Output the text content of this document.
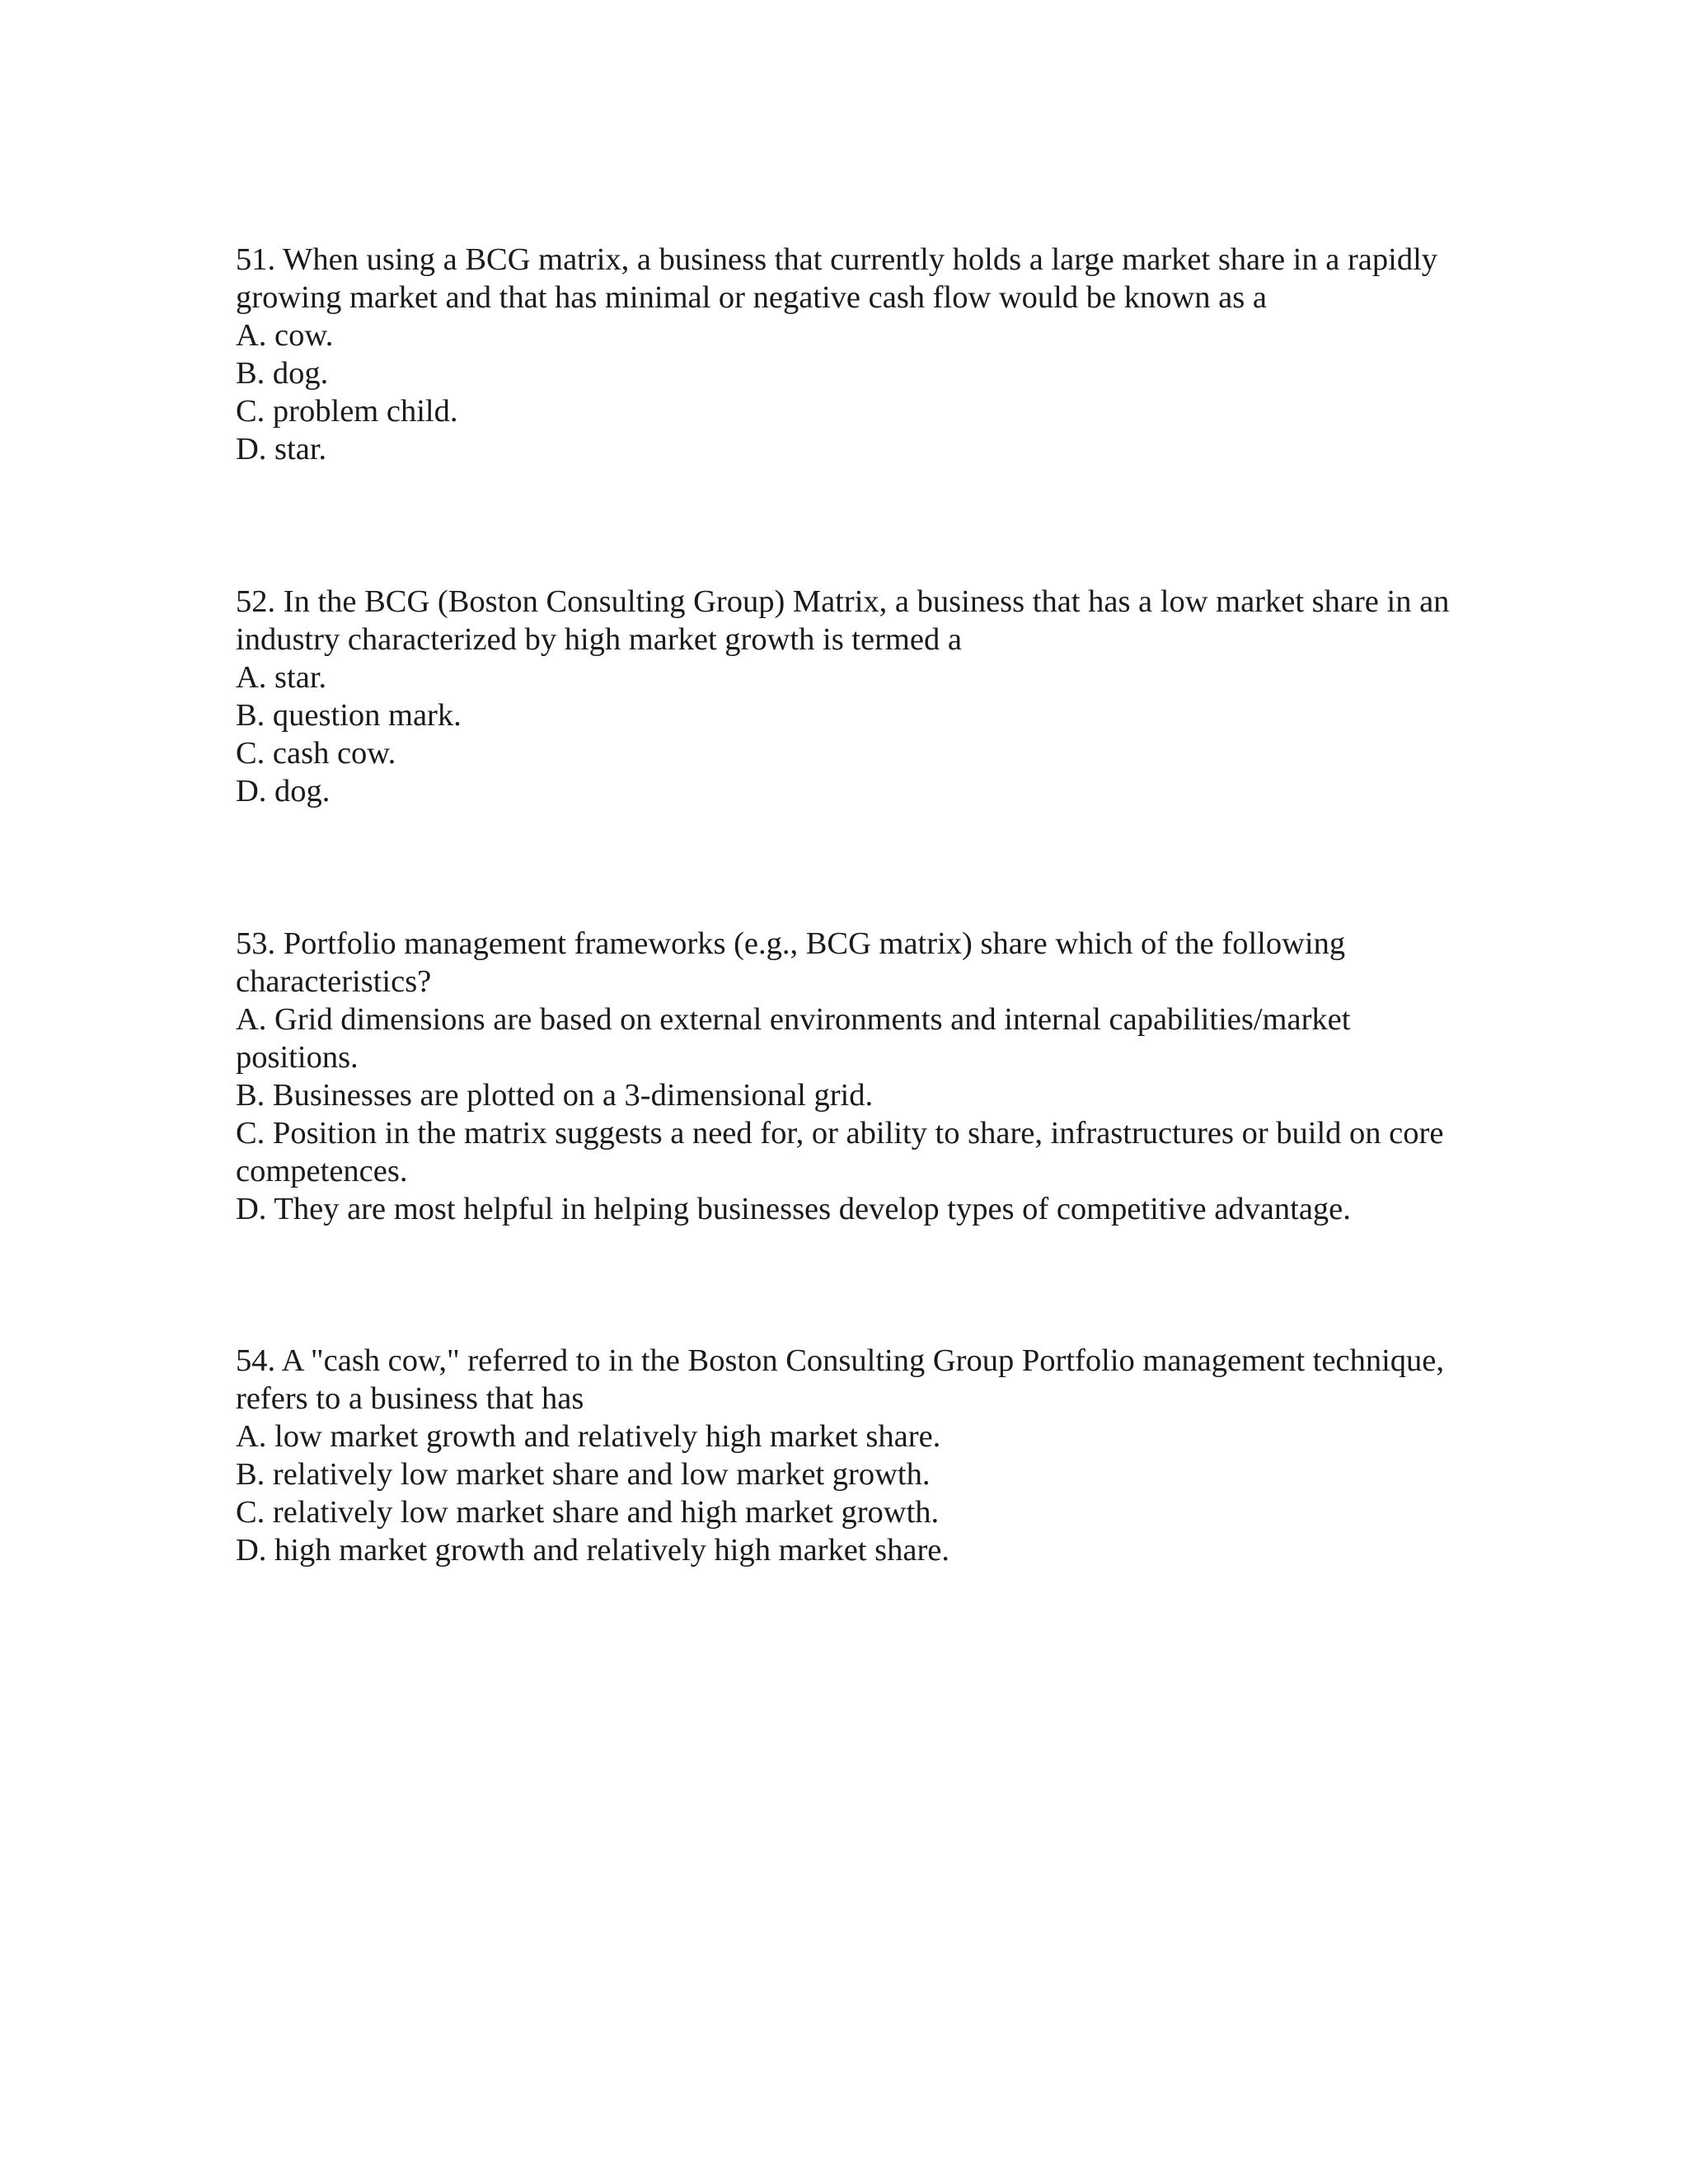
51. When using a BCG matrix, a business that currently holds a large market share in a rapidly growing market and that has minimal or negative cash flow would be known as a
A. cow.
B. dog.
C. problem child.
D. star.
52. In the BCG (Boston Consulting Group) Matrix, a business that has a low market share in an industry characterized by high market growth is termed a
A. star.
B. question mark.
C. cash cow.
D. dog.
53. Portfolio management frameworks (e.g., BCG matrix) share which of the following characteristics?
A. Grid dimensions are based on external environments and internal capabilities/market positions.
B. Businesses are plotted on a 3-dimensional grid.
C. Position in the matrix suggests a need for, or ability to share, infrastructures or build on core competences.
D. They are most helpful in helping businesses develop types of competitive advantage.
54. A "cash cow," referred to in the Boston Consulting Group Portfolio management technique, refers to a business that has
A. low market growth and relatively high market share.
B. relatively low market share and low market growth.
C. relatively low market share and high market growth.
D. high market growth and relatively high market share.
